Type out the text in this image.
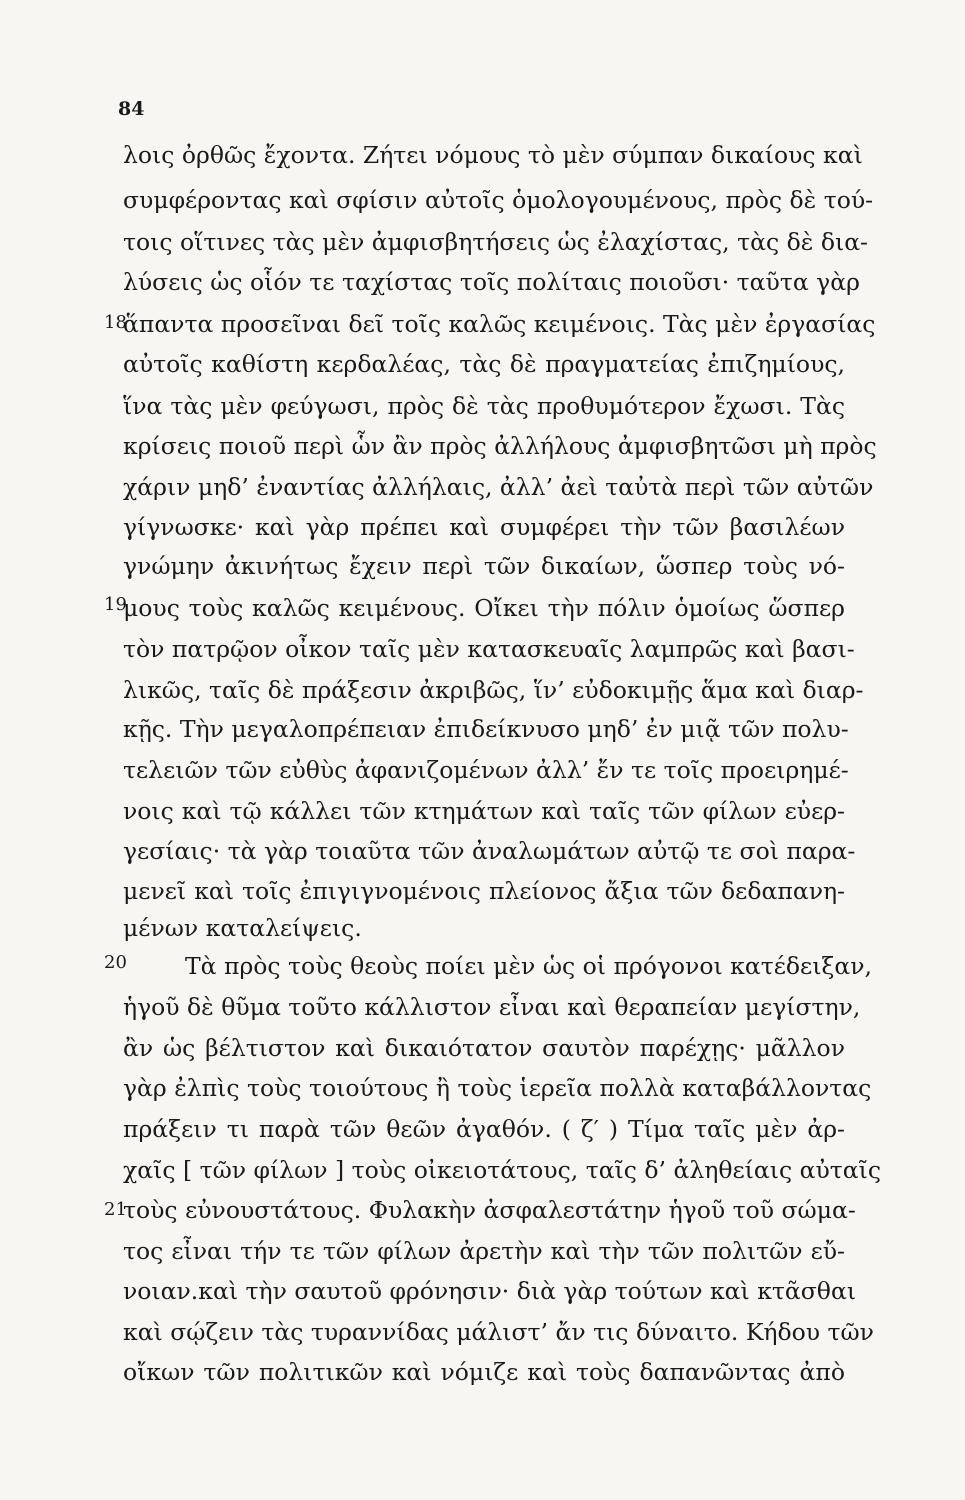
84
18
19
20
21
λοις ὀρθῶς ἔχοντα. Ζήτει νόμους τὸ μὲν σύμπαν δικαίους καὶ
συμφέροντας καὶ σφίσιν αὐτοῖς ὁμολογουμένους, πρὸς δὲ τού-
τοις οἵτινες τὰς μὲν ἀμφισβητήσεις ὡς ἐλαχίστας, τὰς δὲ δια-
λύσεις ὡς οἷόν τε ταχίστας τοῖς πολίταις ποιοῦσι· ταῦτα γὰρ
ἅπαντα προσεῖναι δεῖ τοῖς καλῶς κειμένοις. Τὰς μὲν ἐργασίας
αὐτοῖς καθίστη κερδαλέας, τὰς δὲ πραγματείας ἐπιζημίους,
ἵνα τὰς μὲν φεύγωσι, πρὸς δὲ τὰς προθυμότερον ἔχωσι. Τὰς
κρίσεις ποιοῦ περὶ ὧν ἂν πρὸς ἀλλήλους ἀμφισβητῶσι μὴ πρὸς
χάριν μηδ’ ἐναντίας ἀλλήλαις, ἀλλ’ ἀεὶ ταὐτὰ περὶ τῶν αὐτῶν
γίγνωσκε· καὶ γὰρ πρέπει καὶ συμφέρει τὴν τῶν βασιλέων
γνώμην ἀκινήτως ἔχειν περὶ τῶν δικαίων, ὥσπερ τοὺς νό-
μους τοὺς καλῶς κειμένους. Οἴκει τὴν πόλιν ὁμοίως ὥσπερ
τὸν πατρῷον οἶκον ταῖς μὲν κατασκευαῖς λαμπρῶς καὶ βασι-
λικῶς, ταῖς δὲ πράξεσιν ἀκριβῶς, ἵν’ εὐδοκιμῇς ἅμα καὶ διαρ-
κῇς. Τὴν μεγαλοπρέπειαν ἐπιδείκνυσο μηδ’ ἐν μιᾷ τῶν πολυ-
τελειῶν τῶν εὐθὺς ἀφανιζομένων ἀλλ’ ἔν τε τοῖς προειρημέ-
νοις καὶ τῷ κάλλει τῶν κτημάτων καὶ ταῖς τῶν φίλων εὐερ-
γεσίαις· τὰ γὰρ τοιαῦτα τῶν ἀναλωμάτων αὐτῷ τε σοὶ παρα-
μενεῖ καὶ τοῖς ἐπιγιγνομένοις πλείονος ἄξια τῶν δεδαπανη-
μένων καταλείψεις.
Τὰ πρὸς τοὺς θεοὺς ποίει μὲν ὡς οἱ πρόγονοι κατέδειξαν,
ἡγοῦ δὲ θῦμα τοῦτο κάλλιστον εἶναι καὶ θεραπείαν μεγίστην,
ἂν ὡς βέλτιστον καὶ δικαιότατον σαυτὸν παρέχῃς· μᾶλλον
γὰρ ἐλπὶς τοὺς τοιούτους ἢ τοὺς ἱερεῖα πολλὰ καταβάλλοντας
πράξειν τι παρὰ τῶν θεῶν ἀγαθόν. ( ζ′ ) Τίμα ταῖς μὲν ἀρ-
χαῖς [ τῶν φίλων ] τοὺς οἰκειοτάτους, ταῖς δ’ ἀληθείαις αὐταῖς
τοὺς εὐνουστάτους. Φυλακὴν ἀσφαλεστάτην ἡγοῦ τοῦ σώμα-
τος εἶναι τήν τε τῶν φίλων ἀρετὴν καὶ τὴν τῶν πολιτῶν εὔ-
νοιαν.καὶ τὴν σαυτοῦ φρόνησιν· διὰ γὰρ τούτων καὶ κτᾶσθαι
καὶ σῴζειν τὰς τυραννίδας μάλιστ’ ἄν τις δύναιτο. Κήδου τῶν
οἴκων τῶν πολιτικῶν καὶ νόμιζε καὶ τοὺς δαπανῶντας ἀπὸ
